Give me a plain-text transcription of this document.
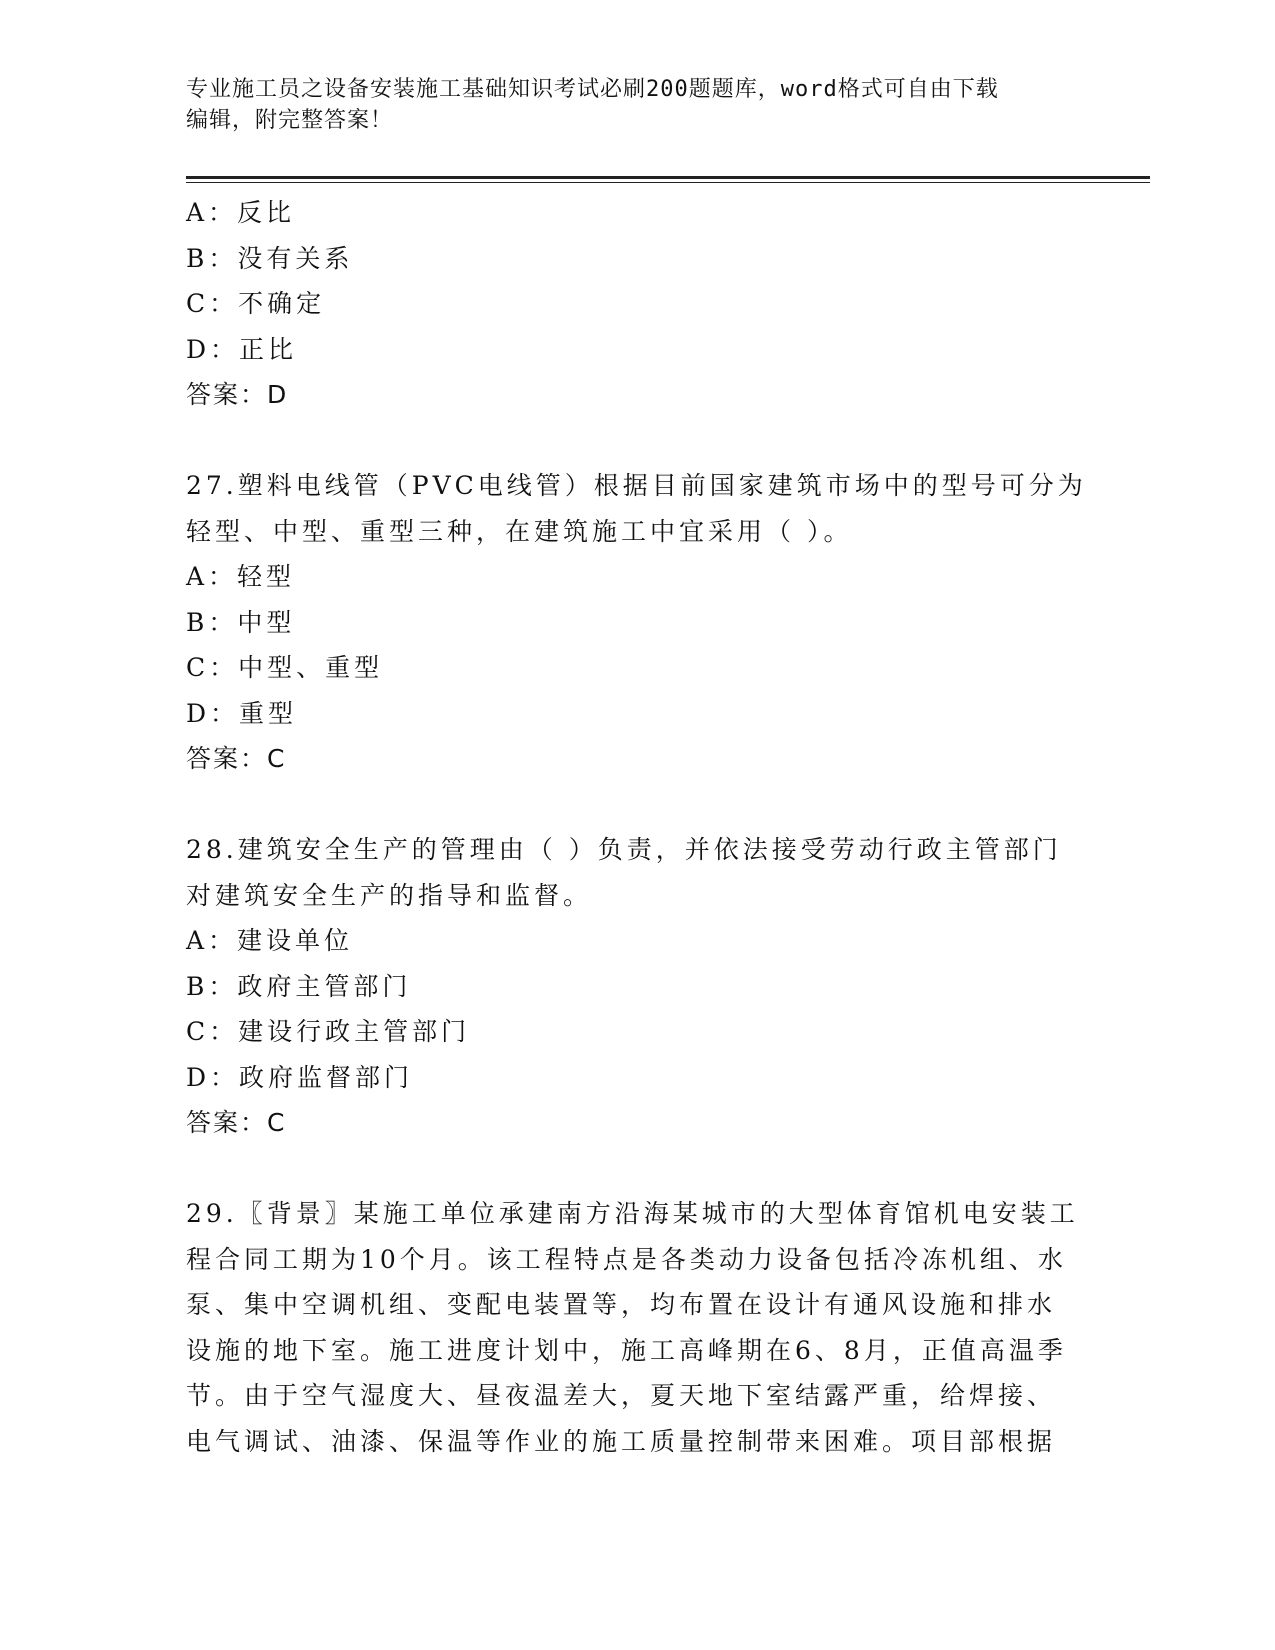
专业施工员之设备安装施工基础知识考试必刷200题题库，word格式可自由下载
编辑，附完整答案！
A：反比
B：没有关系
C：不确定
D：正比
答案：D
27.塑料电线管（PVC电线管）根据目前国家建筑市场中的型号可分为
轻型、中型、重型三种，在建筑施工中宜采用（ ）。
A：轻型
B：中型
C：中型、重型
D：重型
答案：C
28.建筑安全生产的管理由（ ）负责，并依法接受劳动行政主管部门
对建筑安全生产的指导和监督。
A：建设单位
B：政府主管部门
C：建设行政主管部门
D：政府监督部门
答案：C
29.〖背景〗某施工单位承建南方沿海某城市的大型体育馆机电安装工
程合同工期为10个月。该工程特点是各类动力设备包括冷冻机组、水
泵、集中空调机组、变配电装置等，均布置在设计有通风设施和排水
设施的地下室。施工进度计划中，施工高峰期在6、8月，正值高温季
节。由于空气湿度大、昼夜温差大，夏天地下室结露严重，给焊接、
电气调试、油漆、保温等作业的施工质量控制带来困难。项目部根据
